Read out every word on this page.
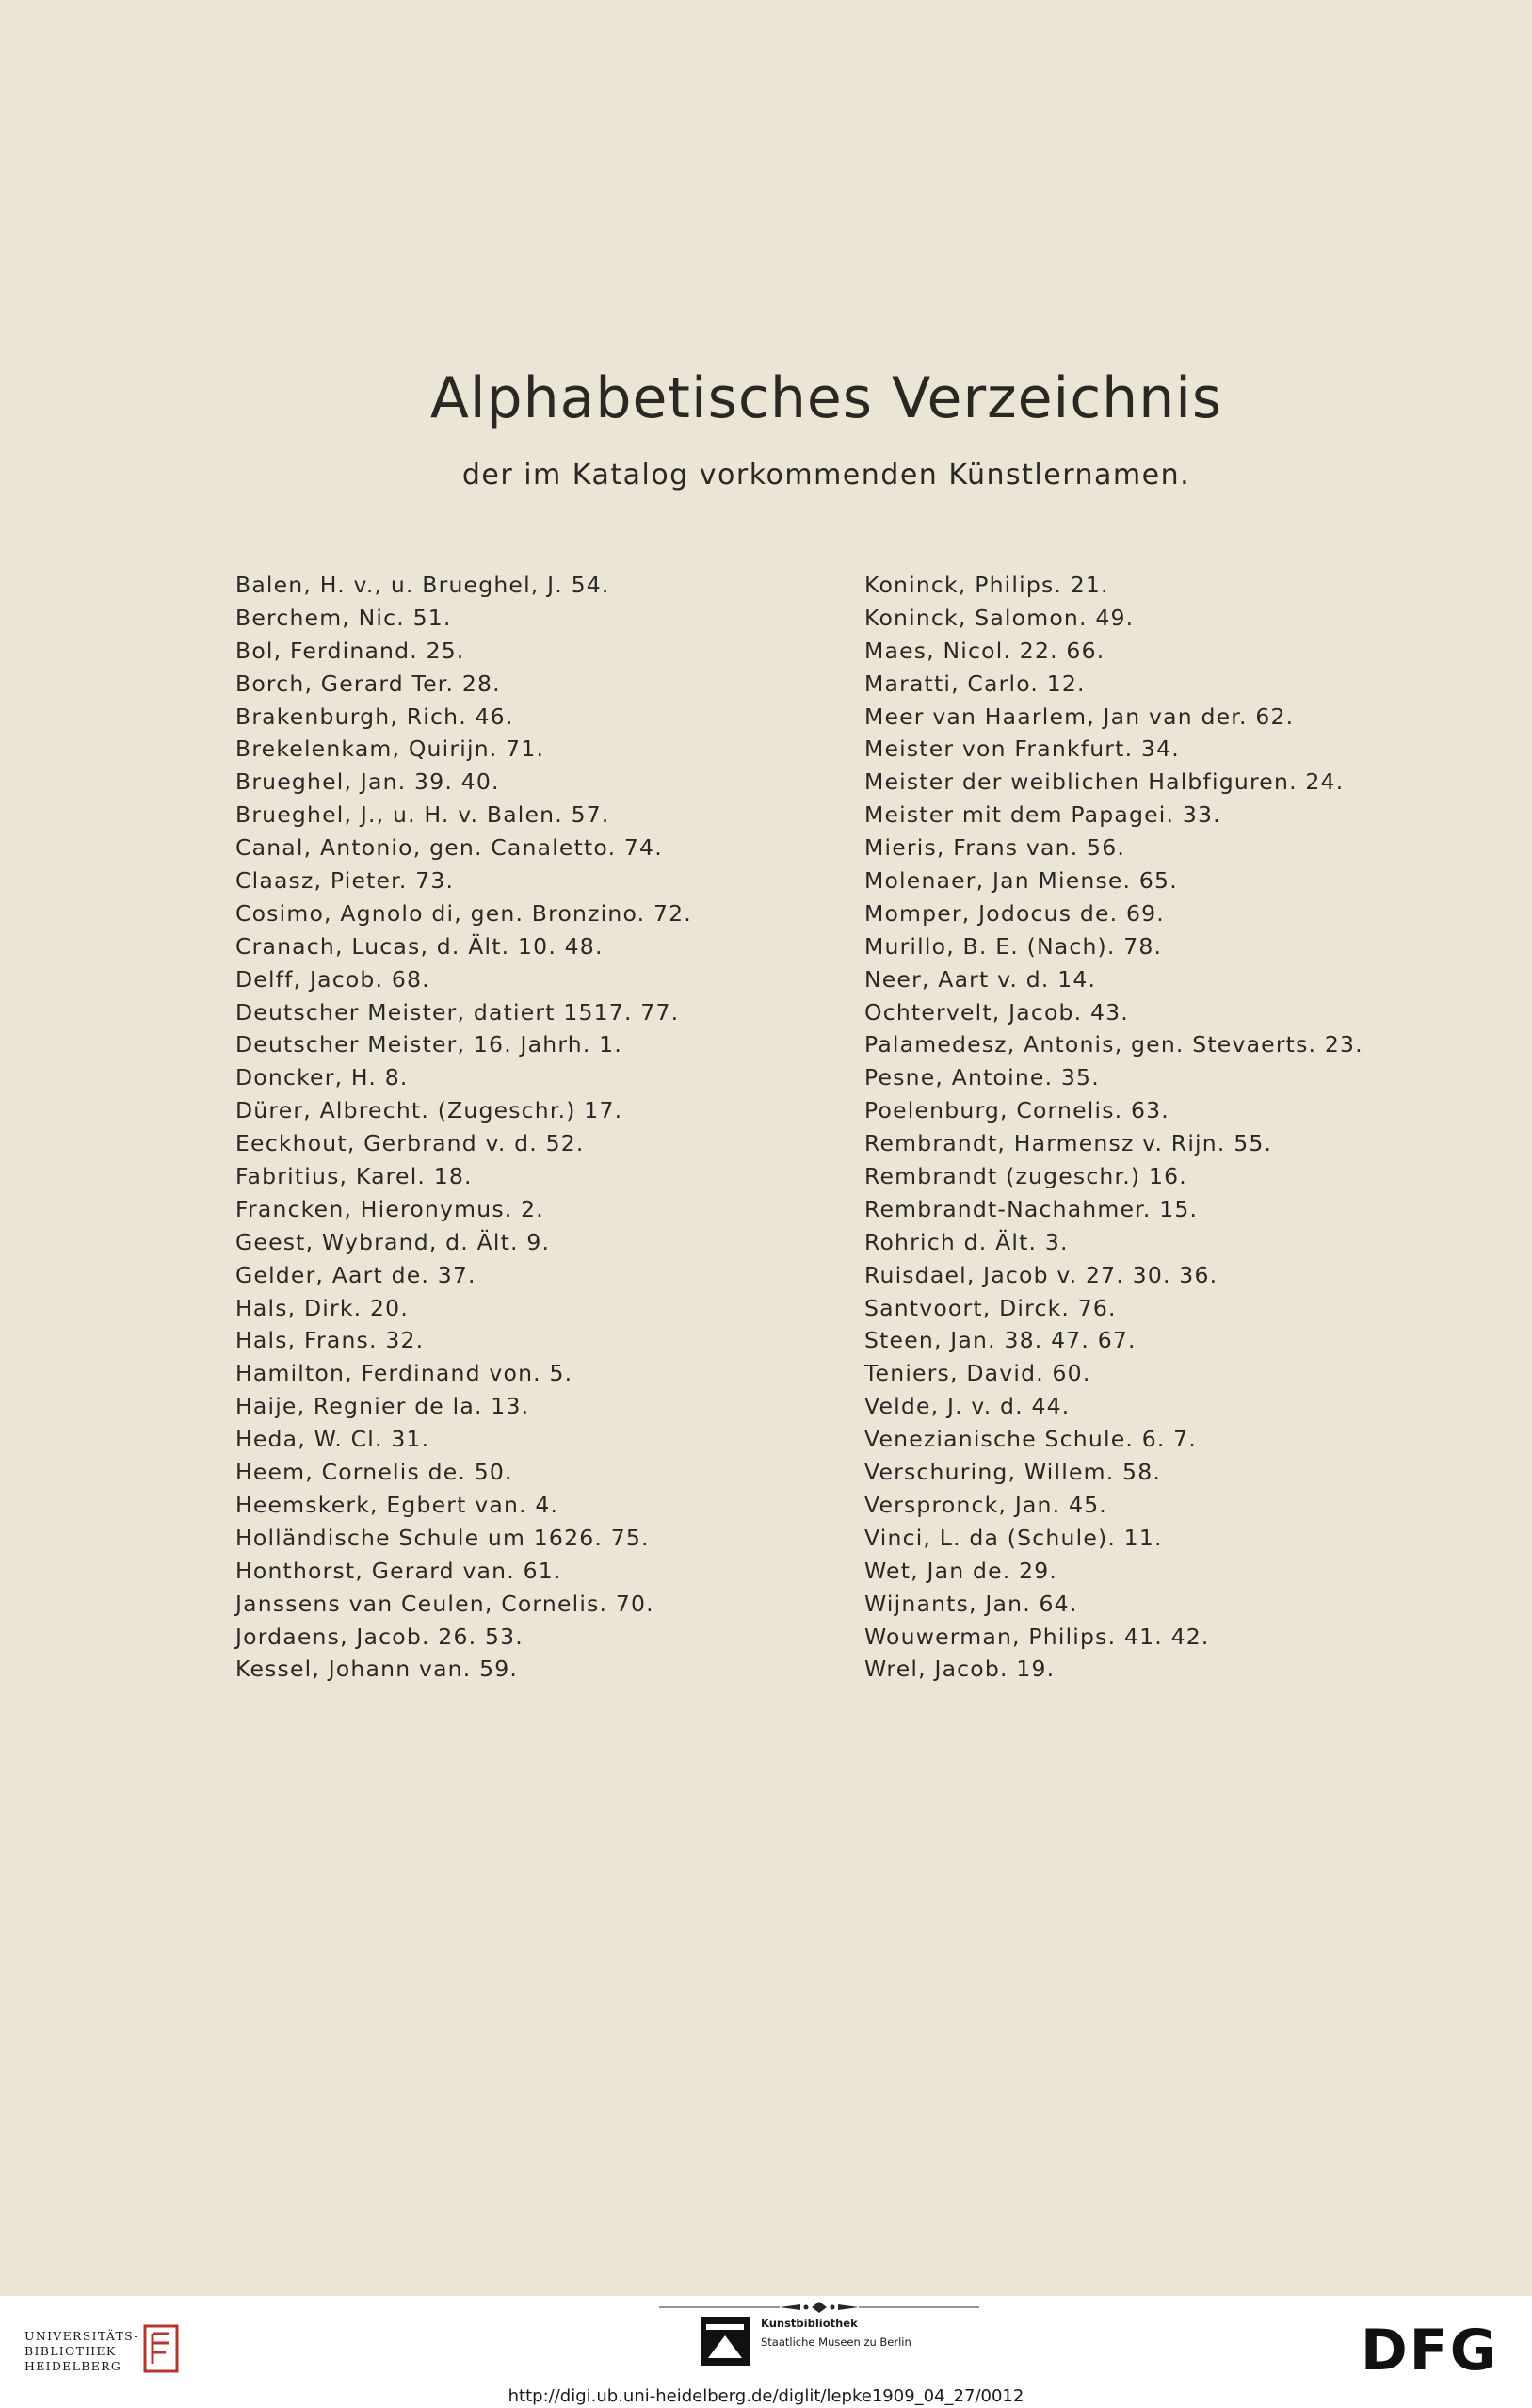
Alphabetisches Verzeichnis
der im Katalog vorkommenden Künstlernamen.
Balen, H. v., u. Brueghel, J. 54.
Berchem, Nic. 51.
Bol, Ferdinand. 25.
Borch, Gerard Ter. 28.
Brakenburgh, Rich. 46.
Brekelenkam, Quirijn. 71.
Brueghel, Jan. 39. 40.
Brueghel, J., u. H. v. Balen. 57.
Canal, Antonio, gen. Canaletto. 74.
Claasz, Pieter. 73.
Cosimo, Agnolo di, gen. Bronzino. 72.
Cranach, Lucas, d. Ält. 10. 48.
Delff, Jacob. 68.
Deutscher Meister, datiert 1517. 77.
Deutscher Meister, 16. Jahrh. 1.
Doncker, H. 8.
Dürer, Albrecht. (Zugeschr.) 17.
Eeckhout, Gerbrand v. d. 52.
Fabritius, Karel. 18.
Francken, Hieronymus. 2.
Geest, Wybrand, d. Ält. 9.
Gelder, Aart de. 37.
Hals, Dirk. 20.
Hals, Frans. 32.
Hamilton, Ferdinand von. 5.
Haije, Regnier de la. 13.
Heda, W. Cl. 31.
Heem, Cornelis de. 50.
Heemskerk, Egbert van. 4.
Holländische Schule um 1626. 75.
Honthorst, Gerard van. 61.
Janssens van Ceulen, Cornelis. 70.
Jordaens, Jacob. 26. 53.
Kessel, Johann van. 59.
Koninck, Philips. 21.
Koninck, Salomon. 49.
Maes, Nicol. 22. 66.
Maratti, Carlo. 12.
Meer van Haarlem, Jan van der. 62.
Meister von Frankfurt. 34.
Meister der weiblichen Halbfiguren. 24.
Meister mit dem Papagei. 33.
Mieris, Frans van. 56.
Molenaer, Jan Miense. 65.
Momper, Jodocus de. 69.
Murillo, B. E. (Nach). 78.
Neer, Aart v. d. 14.
Ochtervelt, Jacob. 43.
Palamedesz, Antonis, gen. Stevaerts. 23.
Pesne, Antoine. 35.
Poelenburg, Cornelis. 63.
Rembrandt, Harmensz v. Rijn. 55.
Rembrandt (zugeschr.) 16.
Rembrandt-Nachahmer. 15.
Rohrich d. Ält. 3.
Ruisdael, Jacob v. 27. 30. 36.
Santvoort, Dirck. 76.
Steen, Jan. 38. 47. 67.
Teniers, David. 60.
Velde, J. v. d. 44.
Venezianische Schule. 6. 7.
Verschuring, Willem. 58.
Verspronck, Jan. 45.
Vinci, L. da (Schule). 11.
Wet, Jan de. 29.
Wijnants, Jan. 64.
Wouwerman, Philips. 41. 42.
Wrel, Jacob. 19.
UNIVERSITÄTS-
BIBLIOTHEK
HEIDELBERG
Kunstbibliothek
Staatliche Museen zu Berlin	DFG
http://digi.ub.uni-heidelberg.de/diglit/lepke1909_04_27/0012
